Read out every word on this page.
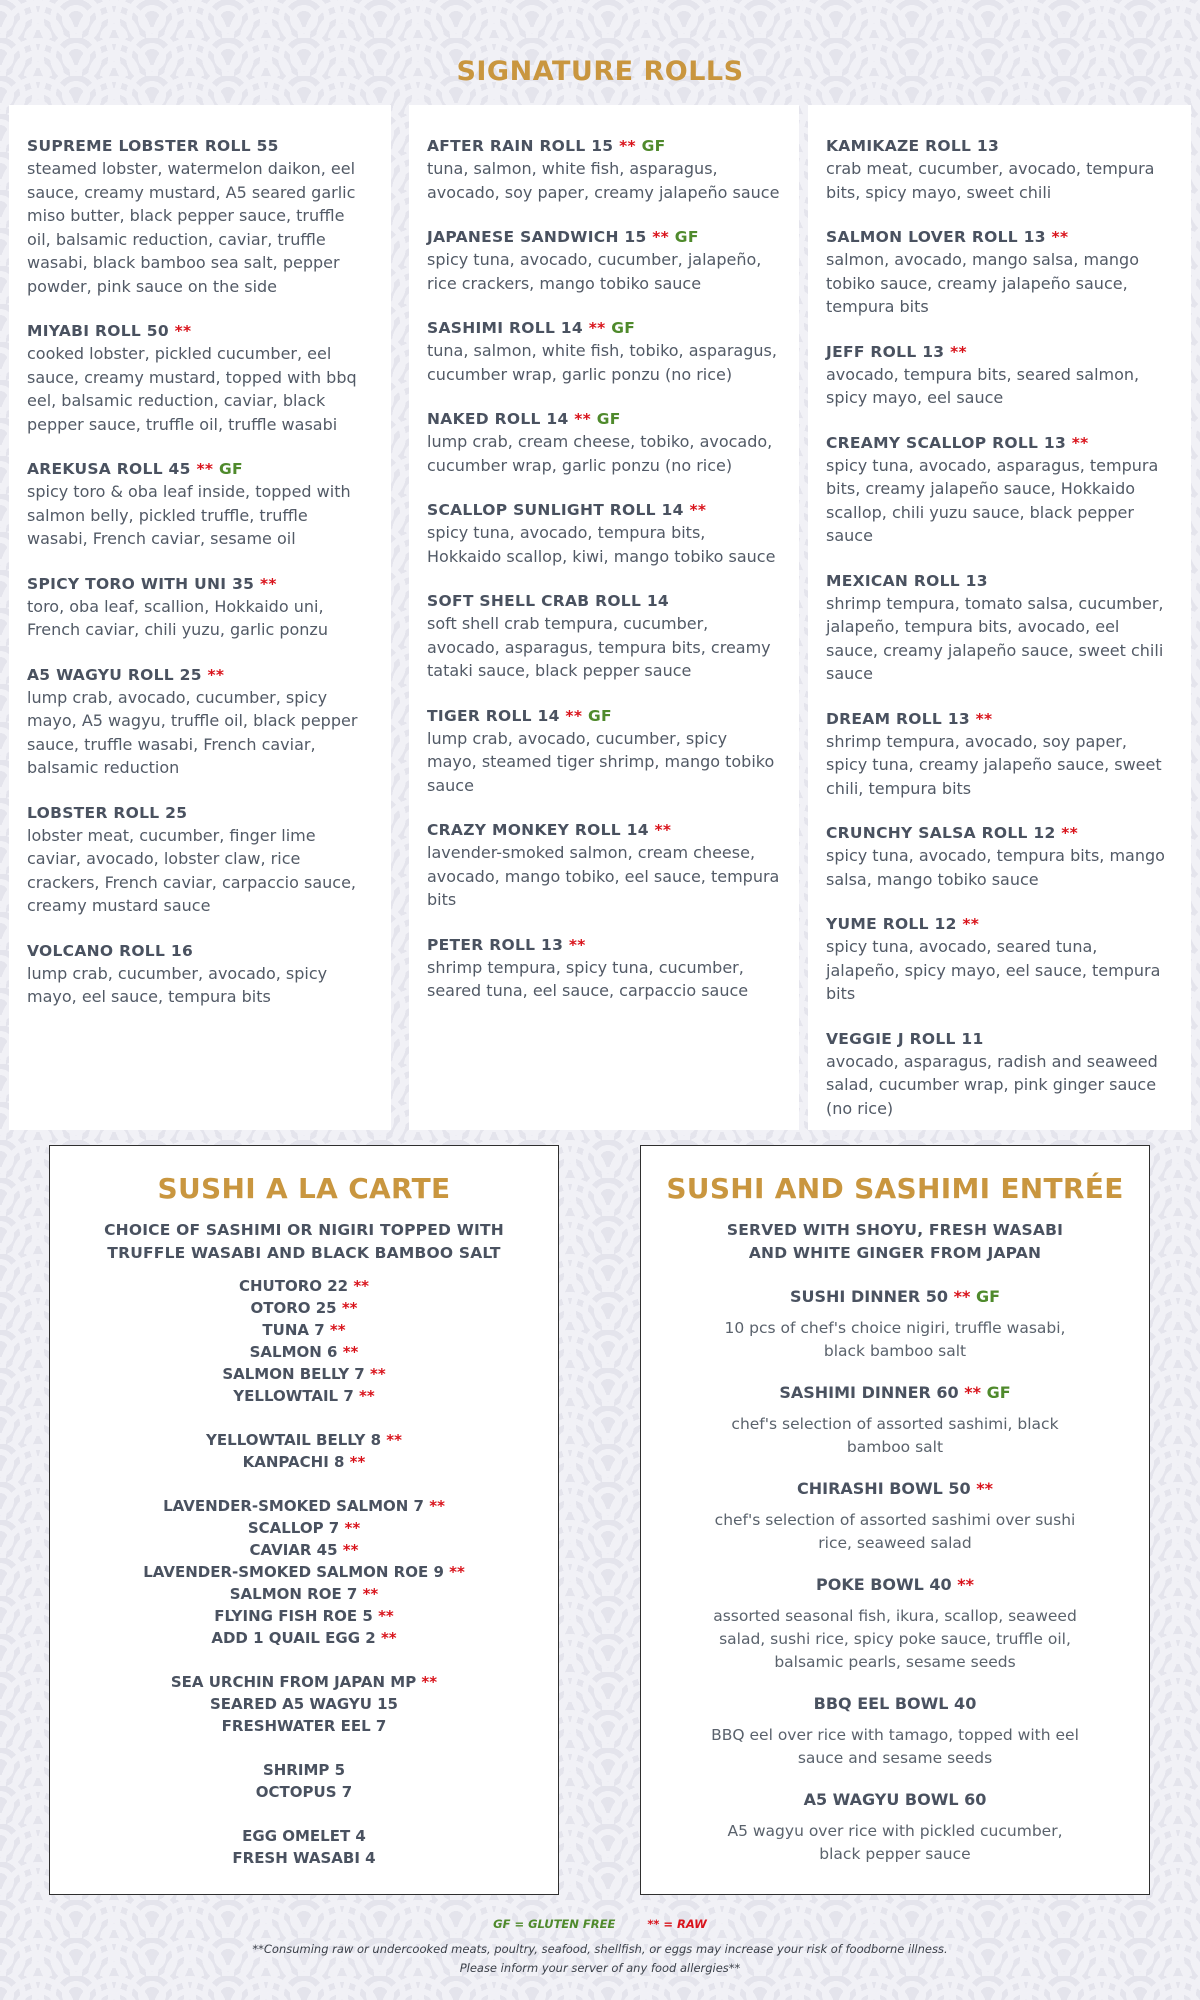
SIGNATURE ROLLS
SUPREME LOBSTER ROLL 55
steamed lobster, watermelon daikon, eel sauce, creamy mustard, A5 seared garlic miso butter, black pepper sauce, truffle oil, balsamic reduction, caviar, truffle wasabi, black bamboo sea salt, pepper powder, pink sauce on the side
MIYABI ROLL 50 **
cooked lobster, pickled cucumber, eel sauce, creamy mustard, topped with bbq eel, balsamic reduction, caviar, black pepper sauce, truffle oil, truffle wasabi
AREKUSA ROLL 45 ** GF
spicy toro & oba leaf inside, topped with salmon belly, pickled truffle, truffle wasabi, French caviar, sesame oil
SPICY TORO WITH UNI 35 **
toro, oba leaf, scallion, Hokkaido uni, French caviar, chili yuzu, garlic ponzu
A5 WAGYU ROLL 25 **
lump crab, avocado, cucumber, spicy mayo, A5 wagyu, truffle oil, black pepper sauce, truffle wasabi, French caviar, balsamic reduction
LOBSTER ROLL 25
lobster meat, cucumber, finger lime caviar, avocado, lobster claw, rice crackers, French caviar, carpaccio sauce, creamy mustard sauce
VOLCANO ROLL 16
lump crab, cucumber, avocado, spicy mayo, eel sauce, tempura bits
AFTER RAIN ROLL 15 ** GF
tuna, salmon, white fish, asparagus, avocado, soy paper, creamy jalapeño sauce
JAPANESE SANDWICH 15 ** GF
spicy tuna, avocado, cucumber, jalapeño, rice crackers, mango tobiko sauce
SASHIMI ROLL 14 ** GF
tuna, salmon, white fish, tobiko, asparagus, cucumber wrap, garlic ponzu (no rice)
NAKED ROLL 14 ** GF
lump crab, cream cheese, tobiko, avocado, cucumber wrap, garlic ponzu (no rice)
SCALLOP SUNLIGHT ROLL 14 **
spicy tuna, avocado, tempura bits, Hokkaido scallop, kiwi, mango tobiko sauce
SOFT SHELL CRAB ROLL 14
soft shell crab tempura, cucumber, avocado, asparagus, tempura bits, creamy tataki sauce, black pepper sauce
TIGER ROLL 14 ** GF
lump crab, avocado, cucumber, spicy mayo, steamed tiger shrimp, mango tobiko sauce
CRAZY MONKEY ROLL 14 **
lavender-smoked salmon, cream cheese, avocado, mango tobiko, eel sauce, tempura bits
PETER ROLL 13 **
shrimp tempura, spicy tuna, cucumber, seared tuna, eel sauce, carpaccio sauce
KAMIKAZE ROLL 13
crab meat, cucumber, avocado, tempura bits, spicy mayo, sweet chili
SALMON LOVER ROLL 13 **
salmon, avocado, mango salsa, mango tobiko sauce, creamy jalapeño sauce, tempura bits
JEFF ROLL 13 **
avocado, tempura bits, seared salmon, spicy mayo, eel sauce
CREAMY SCALLOP ROLL 13 **
spicy tuna, avocado, asparagus, tempura bits, creamy jalapeño sauce, Hokkaido scallop, chili yuzu sauce, black pepper sauce
MEXICAN ROLL 13
shrimp tempura, tomato salsa, cucumber, jalapeño, tempura bits, avocado, eel sauce, creamy jalapeño sauce, sweet chili sauce
DREAM ROLL 13 **
shrimp tempura, avocado, soy paper, spicy tuna, creamy jalapeño sauce, sweet chili, tempura bits
CRUNCHY SALSA ROLL 12 **
spicy tuna, avocado, tempura bits, mango salsa, mango tobiko sauce
YUME ROLL 12 **
spicy tuna, avocado, seared tuna, jalapeño, spicy mayo, eel sauce, tempura bits
VEGGIE J ROLL 11
avocado, asparagus, radish and seaweed salad, cucumber wrap, pink ginger sauce (no rice)
SUSHI A LA CARTE
CHOICE OF SASHIMI OR NIGIRI TOPPED WITH
TRUFFLE WASABI AND BLACK BAMBOO SALT
CHUTORO 22 **
OTORO 25 **
TUNA 7 **
SALMON 6 **
SALMON BELLY 7 **
YELLOWTAIL 7 **
YELLOWTAIL BELLY 8 **
KANPACHI 8 **
LAVENDER-SMOKED SALMON 7 **
SCALLOP 7 **
CAVIAR 45 **
LAVENDER-SMOKED SALMON ROE 9 **
SALMON ROE 7 **
FLYING FISH ROE 5 **
ADD 1 QUAIL EGG 2 **
SEA URCHIN FROM JAPAN MP **
SEARED A5 WAGYU 15
FRESHWATER EEL 7
SHRIMP 5
OCTOPUS 7
EGG OMELET 4
FRESH WASABI 4
SUSHI AND SASHIMI ENTRÉE
SERVED WITH SHOYU, FRESH WASABI
AND WHITE GINGER FROM JAPAN
SUSHI DINNER 50 ** GF
10 pcs of chef's choice nigiri, truffle wasabi, black bamboo salt
SASHIMI DINNER 60 ** GF
chef's selection of assorted sashimi, black bamboo salt
CHIRASHI BOWL 50 **
chef's selection of assorted sashimi over sushi rice, seaweed salad
POKE BOWL 40 **
assorted seasonal fish, ikura, scallop, seaweed salad, sushi rice, spicy poke sauce, truffle oil, balsamic pearls, sesame seeds
BBQ EEL BOWL 40
BBQ eel over rice with tamago, topped with eel sauce and sesame seeds
A5 WAGYU BOWL 60
A5 wagyu over rice with pickled cucumber, black pepper sauce
GF = GLUTEN FREE	** = RAW
**Consuming raw or undercooked meats, poultry, seafood, shellfish, or eggs may increase your risk of foodborne illness.
Please inform your server of any food allergies**
